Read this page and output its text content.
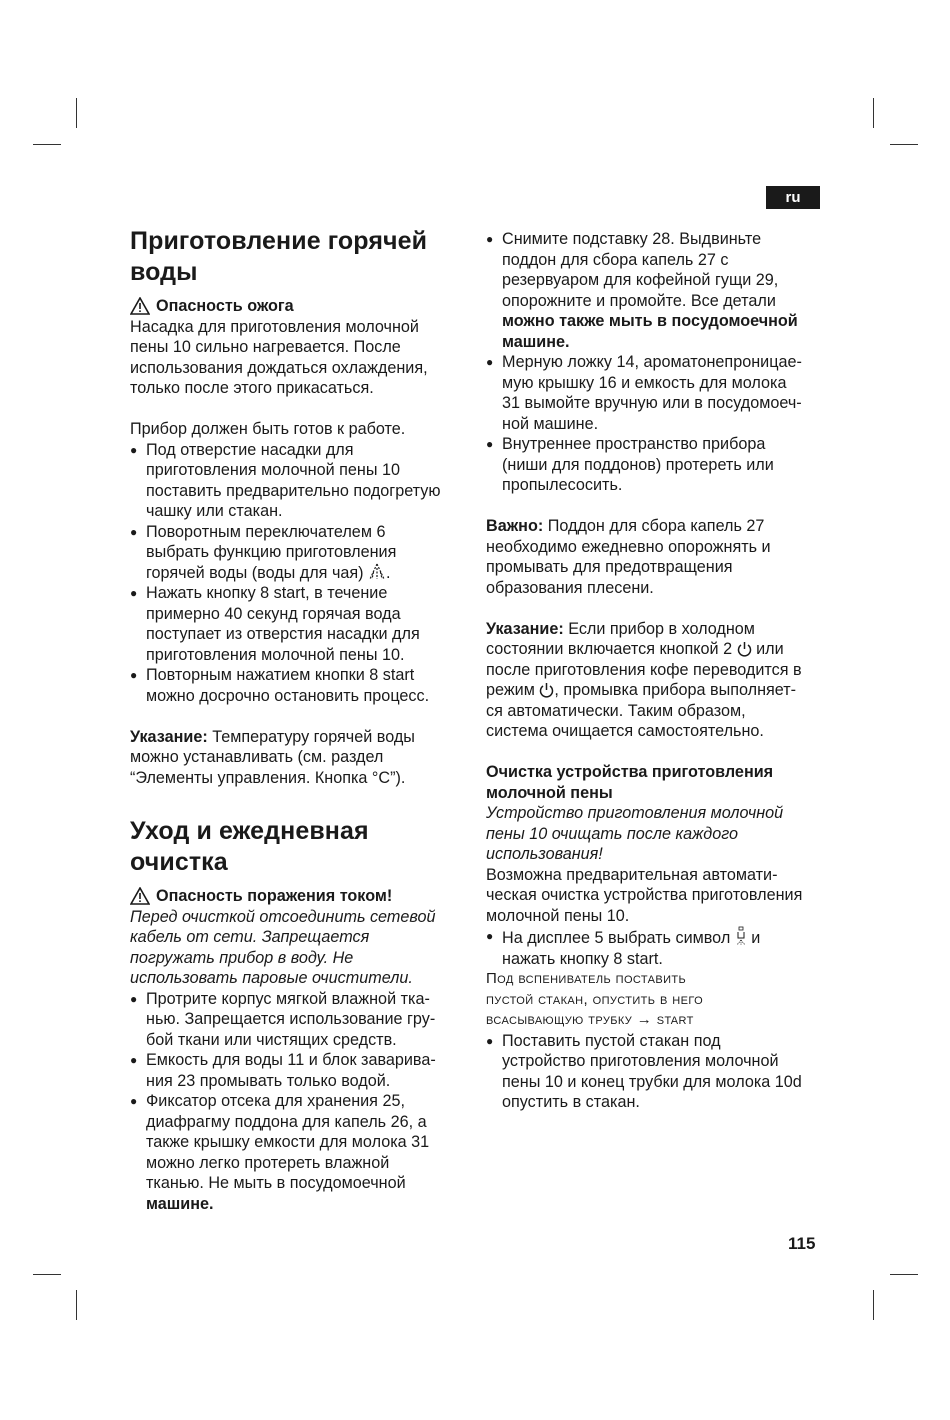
ru
Приготовление горячей
воды
Опасность ожога

Насадка для приготовления молочной
пены 10 сильно нагревается. После
использования дождаться охлаждения,
только после этого прикасаться.

Прибор должен быть готов к работе.

● Под отверстие насадки для
приготовления молочной пены 10
поставить предварительно подогретую
чашку или стакан.
● Поворотным переключателем 6
выбрать функцию приготовления
горячей воды (воды для чая) .
● Нажать кнопку 8 start, в течение
примерно 40 секунд горячая вода
поступает из отверстия насадки для
приготовления молочной пены 10.
● Повторным нажатием кнопки 8 start
можно досрочно остановить процесс.

Указание: Температуру горячей воды
можно устанавливать (см. раздел
“Элементы управления. Кнопка °C”).

Уход и ежедневная
очистка
Опасность поражения током!

Перед очисткой отсоединить сетевой
кабель от сети. Запрещается
погружать прибор в воду. Не
использовать паровые очистители.

● Протрите корпус мягкой влажной тка-
нью. Запрещается использование гру-
бой ткани или чистящих средств.
● Емкость для воды 11 и блок заварива-
ния 23 промывать только водой.
● Фиксатор отсека для хранения 25,
диафрагму поддона для капель 26, а
также крышку емкости для молока 31
можно легко протереть влажной
тканью. Не мыть в посудомоечной
машине.
● Снимите подставку 28. Выдвиньте
поддон для сбора капель 27 с
резервуаром для кофейной гущи 29,
опорожните и промойте. Все детали
можно также мыть в посудомоечной
машине.
● Мерную ложку 14, ароматонепроницае-
мую крышку 16 и емкость для молока
31 вымойте вручную или в посудомоеч-
ной машине.
● Внутреннее пространство прибора
(ниши для поддонов) протереть или
пропылесосить.

Важно: Поддон для сбора капель 27
необходимо ежедневно опорожнять и
промывать для предотвращения
образования плесени.

Указание: Если прибор в холодном
состоянии включается кнопкой 2  или
после приготовления кофе переводится в
режим , промывка прибора выполняет-
ся автоматически. Таким образом,
система очищается самостоятельно.

Очистка устройства приготовления
молочной пены

Устройство приготовления молочной
пены 10 очищать после каждого
использования!

Возможна предварительная автомати-
ческая очистка устройства приготовления
молочной пены 10.

● На дисплее 5 выбрать символ и
нажать кнопку 8 start.

Под вспениватель поставить
пустой стакан, опустить в него
всасывающую трубку → start

● Поставить пустой стакан под
устройство приготовления молочной
пены 10 и конец трубки для молока 10d
опустить в стакан.
115
